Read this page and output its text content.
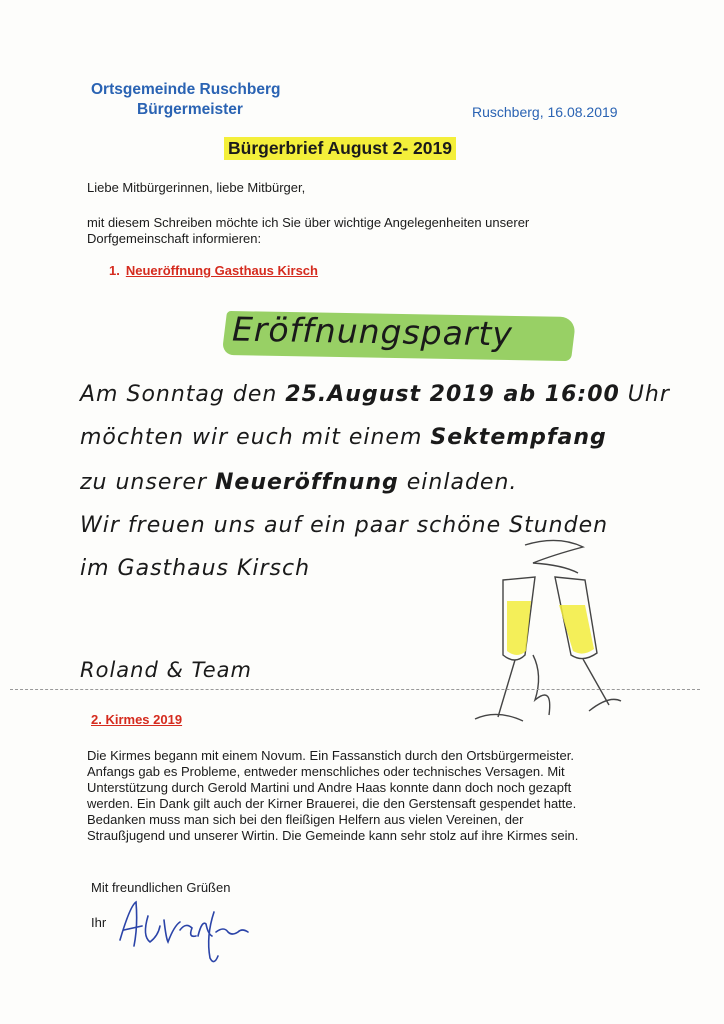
Ortsgemeinde Ruschberg
Bürgermeister	Ruschberg, 16.08.2019
Bürgerbrief August 2- 2019
Liebe Mitbürgerinnen, liebe Mitbürger,
mit diesem Schreiben möchte ich Sie über wichtige Angelegenheiten unserer
Dorfgemeinschaft informieren:
1. Neueröffnung Gasthaus Kirsch
Eröffnungsparty
Am Sonntag den 25.August 2019 ab 16:00 Uhr
möchten wir euch mit einem Sektempfang
zu unserer Neueröffnung einladen.
Wir freuen uns auf ein paar schöne Stunden
im Gasthaus Kirsch
Roland & Team
2. Kirmes 2019
Die Kirmes begann mit einem Novum. Ein Fassanstich durch den Ortsbürgermeister.
Anfangs gab es Probleme, entweder menschliches oder technisches Versagen. Mit
Unterstützung durch Gerold Martini und Andre Haas konnte dann doch noch gezapft
werden. Ein Dank gilt auch der Kirner Brauerei, die den Gerstensaft gespendet hatte.
Bedanken muss man sich bei den fleißigen Helfern aus vielen Vereinen, der
Straußjugend und unserer Wirtin. Die Gemeinde kann sehr stolz auf ihre Kirmes sein.
Mit freundlichen Grüßen
Ihr
